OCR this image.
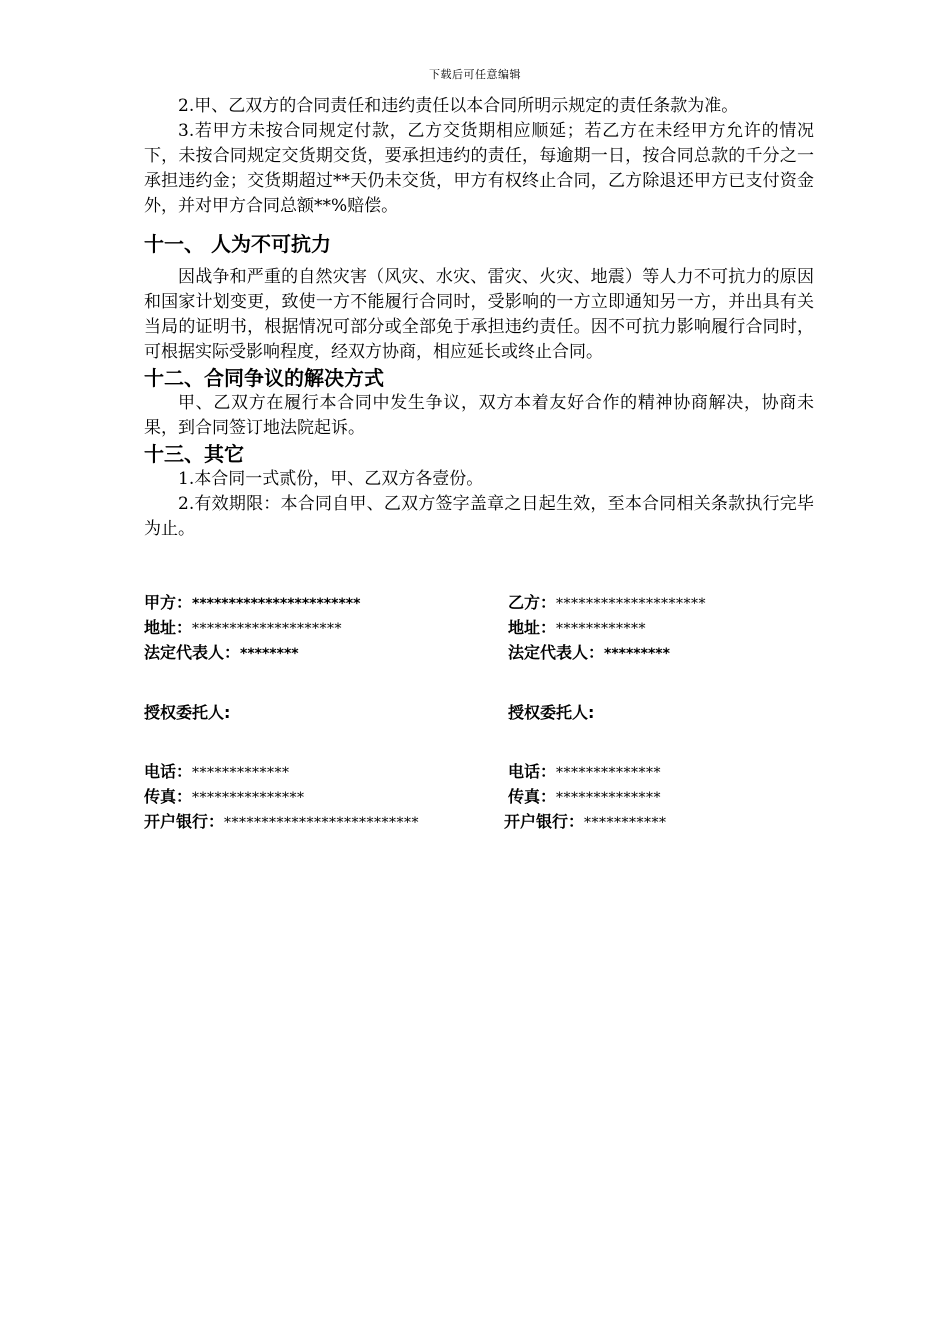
下载后可任意编辑

2.甲、乙双方的合同责任和违约责任以本合同所明示规定的责任条款为准。

3.若甲方未按合同规定付款，乙方交货期相应顺延；若乙方在未经甲方允许的情况下，未按合同规定交货期交货，要承担违约的责任，每逾期一日，按合同总款的千分之一承担违约金；交货期超过**天仍未交货，甲方有权终止合同，乙方除退还甲方已支付资金外，并对甲方合同总额**%赔偿。

十一、 人为不可抗力

因战争和严重的自然灾害（风灾、水灾、雷灾、火灾、地震）等人力不可抗力的原因和国家计划变更，致使一方不能履行合同时，受影响的一方立即通知另一方，并出具有关当局的证明书，根据情况可部分或全部免于承担违约责任。因不可抗力影响履行合同时，可根据实际受影响程度，经双方协商，相应延长或终止合同。

十二、合同争议的解决方式

甲、乙双方在履行本合同中发生争议，双方本着友好合作的精神协商解决，协商未果，到合同签订地法院起诉。

十三、其它

1.本合同一式贰份，甲、乙双方各壹份。

2.有效期限：本合同自甲、乙双方签字盖章之日起生效，至本合同相关条款执行完毕为止。

甲方：***********************	乙方：********************
地址：********************	地址：************
法定代表人：********	法定代表人：*********
授权委托人:	授权委托人:
电话：*************	电话：**************
传真：***************	传真：**************
开户银行：**************************	开户银行：***********
